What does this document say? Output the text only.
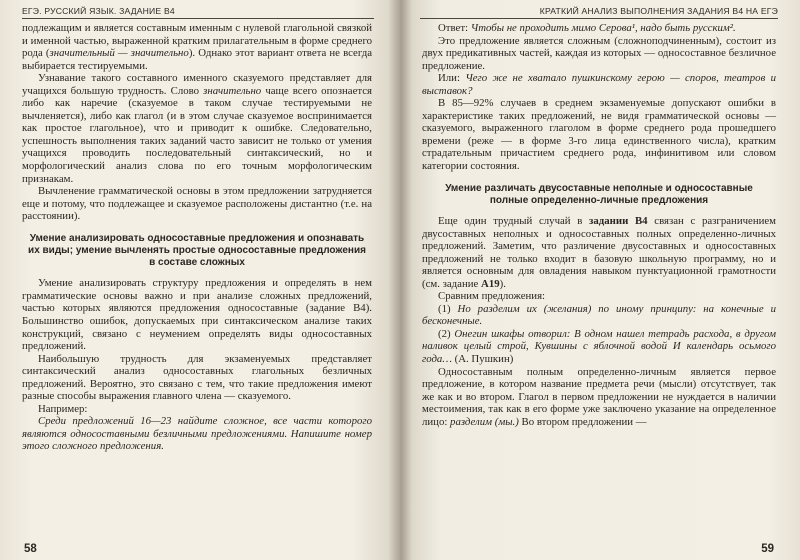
ЕГЭ. РУССКИЙ ЯЗЫК. ЗАДАНИЕ В4

подлежащим и является составным именным с нулевой глагольной связкой и именной частью, выраженной кратким прилагательным в форме среднего рода (значительный — значительно). Однако этот вариант ответа не всегда выбирается тестируемыми.

Узнавание такого составного именного сказуемого представляет для учащихся большую трудность. Слово значительно чаще всего опознается либо как наречие (сказуемое в таком случае тестируемыми не вычленяется), либо как глагол (и в этом случае сказуемое воспринимается как простое глагольное), что и приводит к ошибке. Следовательно, успешность выполнения таких заданий часто зависит не только от умения учащихся проводить последовательный синтаксический, но и морфологический анализ слова по его точным морфологическим признакам.

Вычленение грамматической основы в этом предложении затрудняется еще и потому, что подлежащее и сказуемое расположены дистантно (т.е. на расстоянии).

Умение анализировать односоставные предложения и опознавать их виды; умение вычленять простые односоставные предложения в составе сложных

Умение анализировать структуру предложения и определять в нем грамматические основы важно и при анализе сложных предложений, частью которых являются предложения односоставные (задание В4). Большинство ошибок, допускаемых при синтаксическом анализе таких конструкций, связано с неумением определять виды односоставных предложений.

Наибольшую трудность для экзаменуемых представляет синтаксический анализ односоставных глагольных безличных предложений. Вероятно, это связано с тем, что такие предложения имеют разные способы выражения главного члена — сказуемого.

Например:

Среди предложений 16—23 найдите сложное, все части которого являются односоставными безличными предложениями. Напишите номер этого сложного предложения.

58
КРАТКИЙ АНАЛИЗ ВЫПОЛНЕНИЯ ЗАДАНИЯ В4 НА ЕГЭ

Ответ: Чтобы не проходить мимо Серова¹, надо быть русским².

Это предложение является сложным (сложноподчиненным), состоит из двух предикативных частей, каждая из которых — односоставное безличное предложение.

Или: Чего же не хватало пушкинскому герою — споров, театров и выставок?

В 85—92% случаев в среднем экзаменуемые допускают ошибки в характеристике таких предложений, не видя грамматической основы — сказуемого, выраженного глаголом в форме среднего рода прошедшего времени (реже — в форме 3-го лица единственного числа), кратким страдательным причастием среднего рода, инфинитивом или словом категории состояния.

Умение различать двусоставные неполные и односоставные полные определенно-личные предложения

Еще один трудный случай в задании В4 связан с разграничением двусоставных неполных и односоставных полных определенно-личных предложений. Заметим, что различение двусоставных и односоставных предложений не только входит в базовую школьную программу, но и является основным для овладения навыком пунктуационной грамотности (см. задание А19).

Сравним предложения:

(1) Но разделим их (желания) по иному принципу: на конечные и бесконечные.

(2) Онегин шкафы отворил: В одном нашел тетрадь расхода, в другом наливок целый строй, Кувшины с яблочной водой И календарь осьмого года… (А. Пушкин)

Односоставным полным определенно-личным является первое предложение, в котором название предмета речи (мысли) отсутствует, так же как и во втором. Глагол в первом предложении не нуждается в наличии местоимения, так как в его форме уже заключено указание на определенное лицо: разделим (мы.) Во втором предложении —

59
